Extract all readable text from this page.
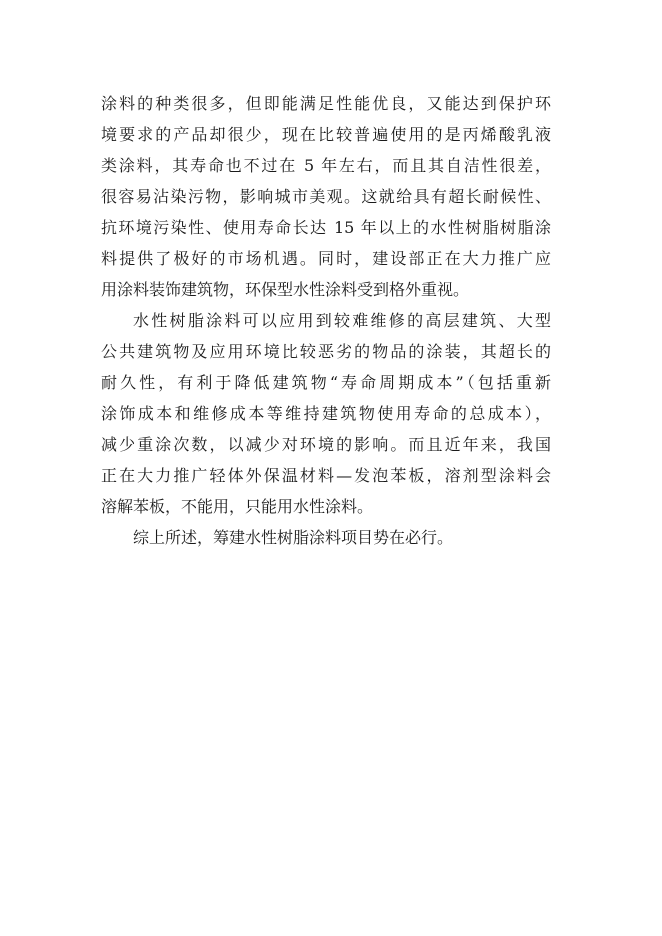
涂料的种类很多，但即能满足性能优良，又能达到保护环
境要求的产品却很少，现在比较普遍使用的是丙烯酸乳液
类涂料，其寿命也不过在 5 年左右，而且其自洁性很差，
很容易沾染污物，影响城市美观。这就给具有超长耐候性、
抗环境污染性、使用寿命长达 15 年以上的水性树脂树脂涂
料提供了极好的市场机遇。同时，建设部正在大力推广应
用涂料装饰建筑物，环保型水性涂料受到格外重视。
水性树脂涂料可以应用到较难维修的高层建筑、大型
公共建筑物及应用环境比较恶劣的物品的涂装，其超长的
耐久性，有利于降低建筑物“寿命周期成本”（包括重新
涂饰成本和维修成本等维持建筑物使用寿命的总成本），
减少重涂次数，以减少对环境的影响。而且近年来，我国
正在大力推广轻体外保温材料—发泡苯板，溶剂型涂料会
溶解苯板，不能用，只能用水性涂料。
综上所述，筹建水性树脂涂料项目势在必行。
